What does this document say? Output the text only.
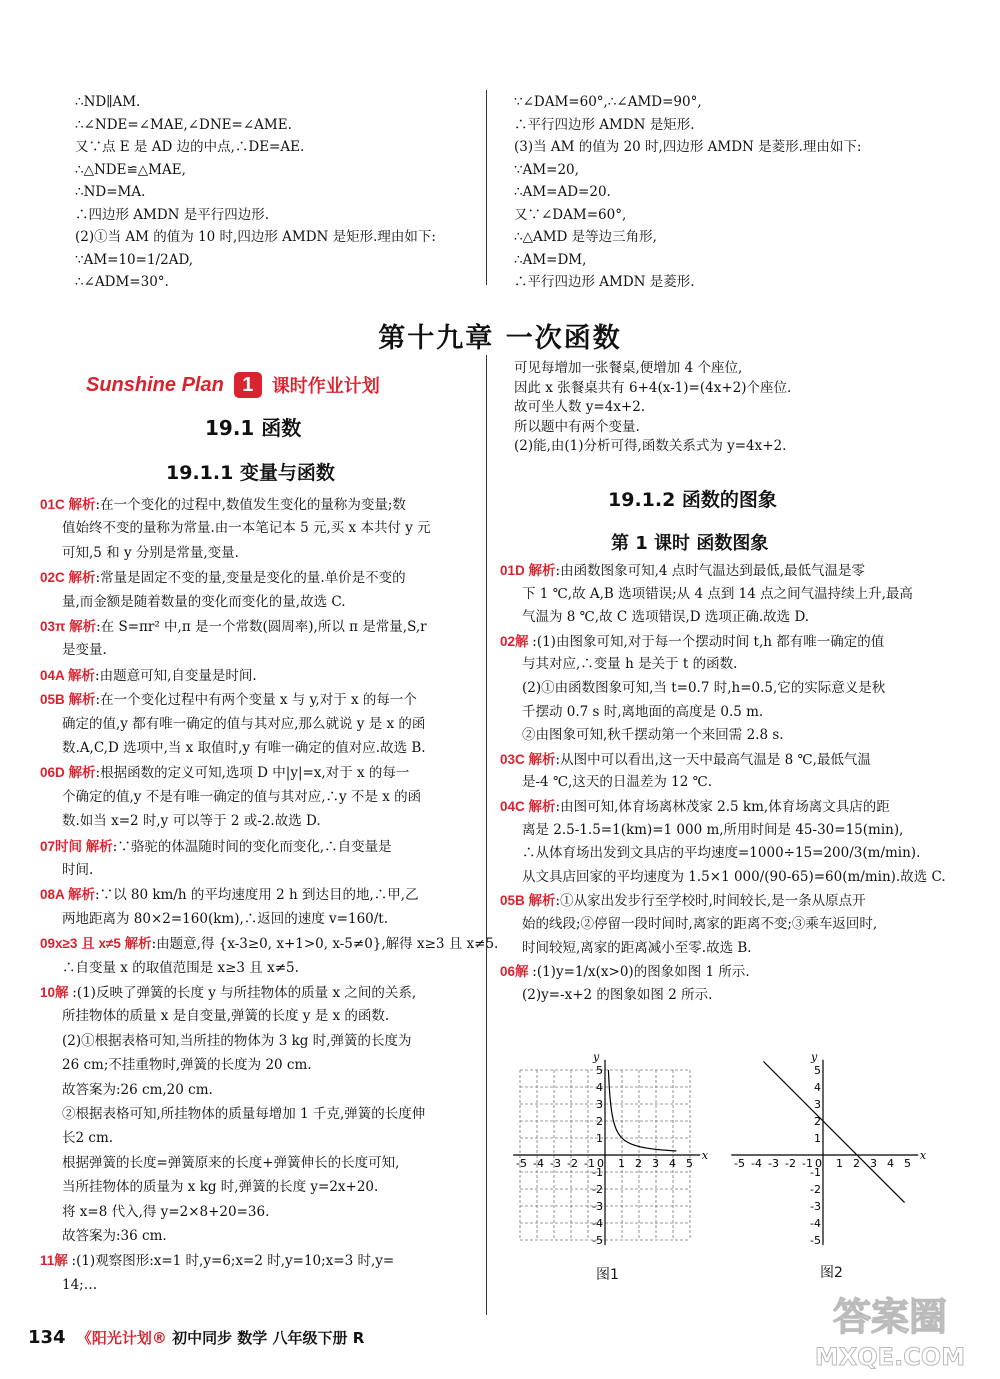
∴ND∥AM.
∴∠NDE=∠MAE,∠DNE=∠AME.
又∵点 E 是 AD 边的中点,∴DE=AE.
∴△NDE≌△MAE,
∴ND=MA.
∴四边形 AMDN 是平行四边形.
(2)①当 AM 的值为 10 时,四边形 AMDN 是矩形.理由如下:
∵AM=10=1/2AD,
∴∠ADM=30°.
∵∠DAM=60°,∴∠AMD=90°,
∴平行四边形 AMDN 是矩形.
(3)当 AM 的值为 20 时,四边形 AMDN 是菱形.理由如下:
∵AM=20,
∴AM=AD=20.
又∵∠DAM=60°,
∴△AMD 是等边三角形,
∴AM=DM,
∴平行四边形 AMDN 是菱形.
第十九章 一次函数
Sunshine Plan 1	课时作业计划
19.1 函数
19.1.1 变量与函数
01C 解析:在一个变化的过程中,数值发生变化的量称为变量;数
值始终不变的量称为常量.由一本笔记本 5 元,买 x 本共付 y 元
可知,5 和 y 分别是常量,变量.
02C 解析:常量是固定不变的量,变量是变化的量.单价是不变的
量,而金额是随着数量的变化而变化的量,故选 C.
03π 解析:在 S=πr² 中,π 是一个常数(圆周率),所以 π 是常量,S,r
是变量.
04A 解析:由题意可知,自变量是时间.
05B 解析:在一个变化过程中有两个变量 x 与 y,对于 x 的每一个
确定的值,y 都有唯一确定的值与其对应,那么就说 y 是 x 的函
数.A,C,D 选项中,当 x 取值时,y 有唯一确定的值对应.故选 B.
06D 解析:根据函数的定义可知,选项 D 中|y|=x,对于 x 的每一
个确定的值,y 不是有唯一确定的值与其对应,∴y 不是 x 的函
数.如当 x=2 时,y 可以等于 2 或-2.故选 D.
07时间 解析:∵骆驼的体温随时间的变化而变化,∴自变量是
时间.
08A 解析:∵以 80 km/h 的平均速度用 2 h 到达目的地,∴甲,乙
两地距离为 80×2=160(km),∴返回的速度 v=160/t.
09x≥3 且 x≠5 解析:由题意,得 {x-3≥0, x+1>0, x-5≠0},解得 x≥3 且 x≠5.
∴自变量 x 的取值范围是 x≥3 且 x≠5.
10解 :(1)反映了弹簧的长度 y 与所挂物体的质量 x 之间的关系,
所挂物体的质量 x 是自变量,弹簧的长度 y 是 x 的函数.
(2)①根据表格可知,当所挂的物体为 3 kg 时,弹簧的长度为
26 cm;不挂重物时,弹簧的长度为 20 cm.
故答案为:26 cm,20 cm.
②根据表格可知,所挂物体的质量每增加 1 千克,弹簧的长度伸
长2 cm.
根据弹簧的长度=弹簧原来的长度+弹簧伸长的长度可知,
当所挂物体的质量为 x kg 时,弹簧的长度 y=2x+20.
将 x=8 代入,得 y=2×8+20=36.
故答案为:36 cm.
11解 :(1)观察图形:x=1 时,y=6;x=2 时,y=10;x=3 时,y=
14;…
可见每增加一张餐桌,便增加 4 个座位,
因此 x 张餐桌共有 6+4(x-1)=(4x+2)个座位.
故可坐人数 y=4x+2.
所以题中有两个变量.
(2)能,由(1)分析可得,函数关系式为 y=4x+2.
19.1.2 函数的图象
第 1 课时 函数图象
01D 解析:由函数图象可知,4 点时气温达到最低,最低气温是零
下 1 ℃,故 A,B 选项错误;从 4 点到 14 点之间气温持续上升,最高
气温为 8 ℃,故 C 选项错误,D 选项正确.故选 D.
02解 :(1)由图象可知,对于每一个摆动时间 t,h 都有唯一确定的值
与其对应,∴变量 h 是关于 t 的函数.
(2)①由函数图象可知,当 t=0.7 时,h=0.5,它的实际意义是秋
千摆动 0.7 s 时,离地面的高度是 0.5 m.
②由图象可知,秋千摆动第一个来回需 2.8 s.
03C 解析:从图中可以看出,这一天中最高气温是 8 ℃,最低气温
是-4 ℃,这天的日温差为 12 ℃.
04C 解析:由图可知,体育场离林茂家 2.5 km,体育场离文具店的距
离是 2.5-1.5=1(km)=1 000 m,所用时间是 45-30=15(min),
∴从体育场出发到文具店的平均速度=1000÷15=200/3(m/min).
从文具店回家的平均速度为 1.5×1 000/(90-65)=60(m/min).故选 C.
05B 解析:①从家出发步行至学校时,时间较长,是一条从原点开
始的线段;②停留一段时间时,离家的距离不变;③乘车返回时,
时间较短,离家的距离减小至零.故选 B.
06解 :(1)y=1/x(x>0)的图象如图 1 所示.
(2)y=-x+2 的图象如图 2 所示.
x
y
-5 -4 -3 -2 -1 0 1 2 3 4 5
5
4
3
2
1
-1
-2
-3
-4
-5
图1
x
y
-5 -4 -3 -2 -1 0 1 2 3 4 5
5
4
3
2
1
-1
-2
-3
-4
-5
图2
134 《阳光计划® 初中同步 数学 八年级下册 R	答案圈
MXQE.COM
